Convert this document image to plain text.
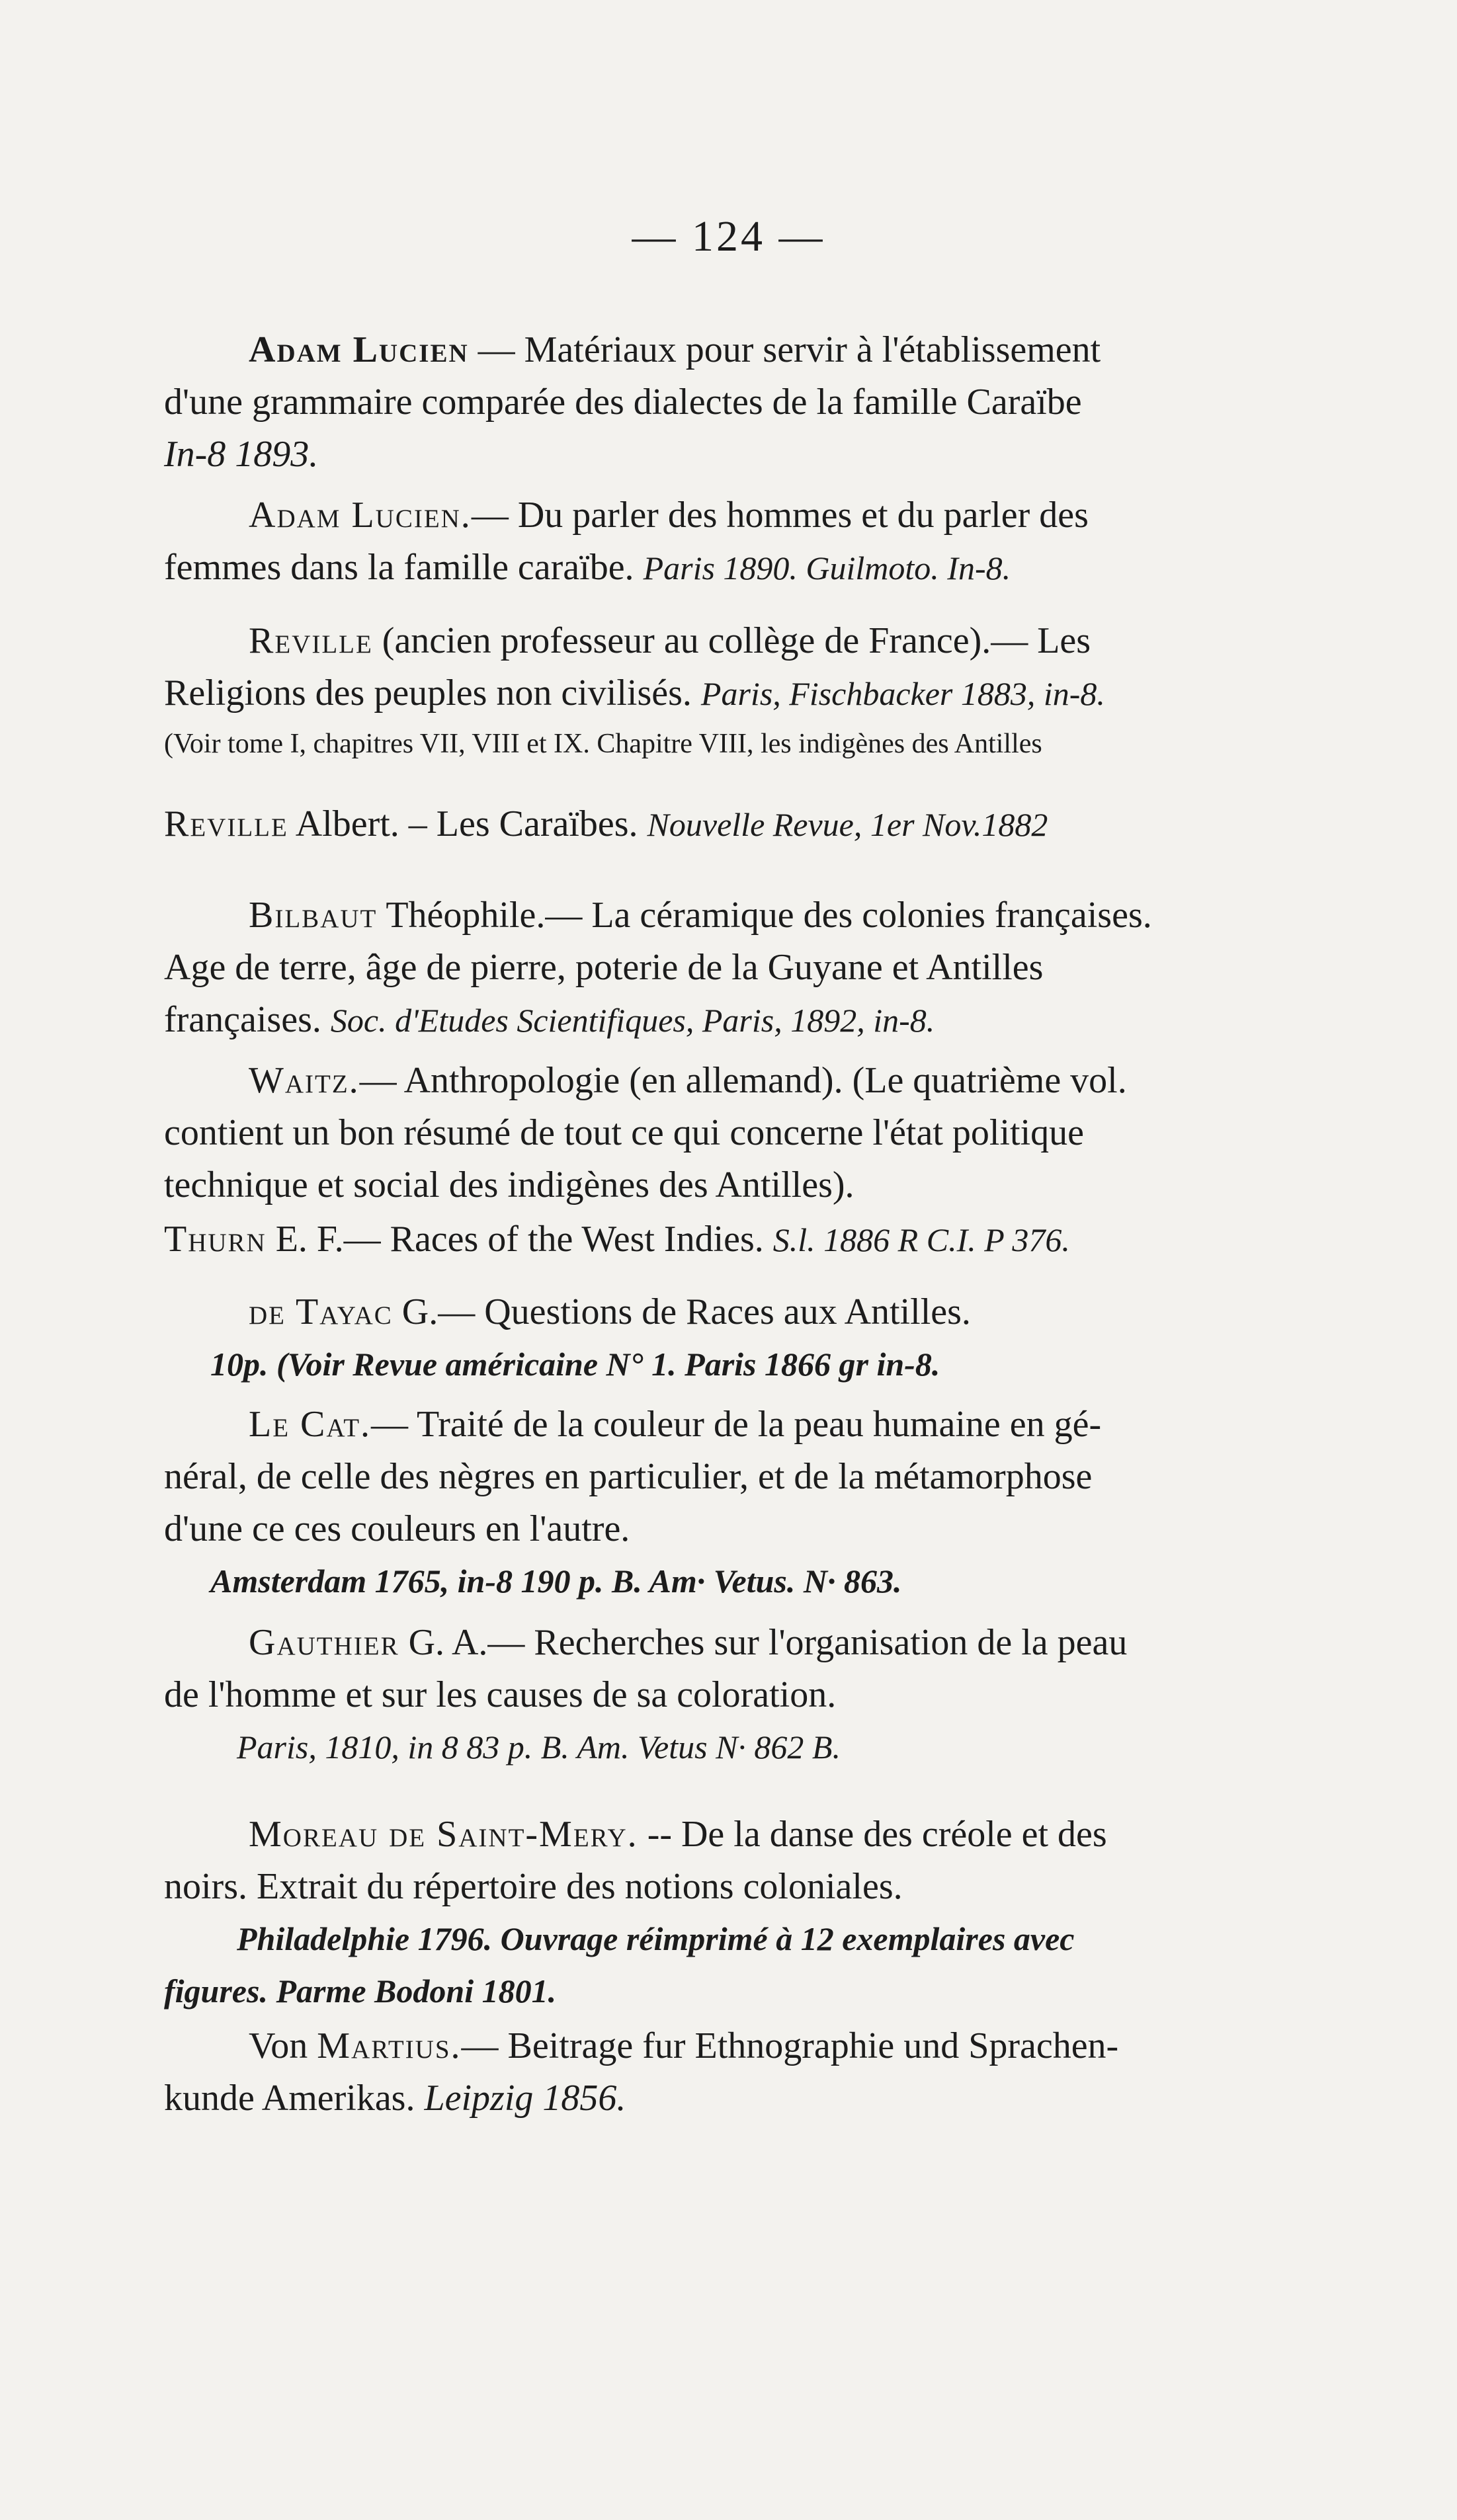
— 124 —
Adam Lucien — Matériaux pour servir à l'établissement
d'une grammaire comparée des dialectes de la famille Caraïbe
In-8 1893.
Adam Lucien.— Du parler des hommes et du parler des
femmes dans la famille caraïbe. Paris 1890. Guilmoto. In-8.
Reville (ancien professeur au collège de France).— Les
Religions des peuples non civilisés. Paris, Fischbacker 1883, in-8.
(Voir tome I, chapitres VII, VIII et IX. Chapitre VIII, les indigènes des Antilles
Reville Albert. – Les Caraïbes. Nouvelle Revue, 1er Nov.1882
Bilbaut Théophile.— La céramique des colonies françaises.
Age de terre, âge de pierre, poterie de la Guyane et Antilles
françaises. Soc. d'Etudes Scientifiques, Paris, 1892, in-8.
Waitz.— Anthropologie (en allemand). (Le quatrième vol.
contient un bon résumé de tout ce qui concerne l'état politique
technique et social des indigènes des Antilles).
Thurn E. F.— Races of the West Indies. S.l. 1886 R C.I. P 376.
de Tayac G.— Questions de Races aux Antilles.
10p. (Voir Revue américaine N° 1. Paris 1866 gr in-8.
Le Cat.— Traité de la couleur de la peau humaine en gé-
néral, de celle des nègres en particulier, et de la métamorphose
d'une ce ces couleurs en l'autre.
Amsterdam 1765, in-8 190 p. B. Am· Vetus. N· 863.
Gauthier G. A.— Recherches sur l'organisation de la peau
de l'homme et sur les causes de sa coloration.
Paris, 1810, in 8 83 p. B. Am. Vetus N· 862 B.
Moreau de Saint-Mery. -- De la danse des créole et des
noirs. Extrait du répertoire des notions coloniales.
Philadelphie 1796. Ouvrage réimprimé à 12 exemplaires avec
figures. Parme Bodoni 1801.
Von Martius.— Beitrage fur Ethnographie und Sprachen-
kunde Amerikas. Leipzig 1856.
